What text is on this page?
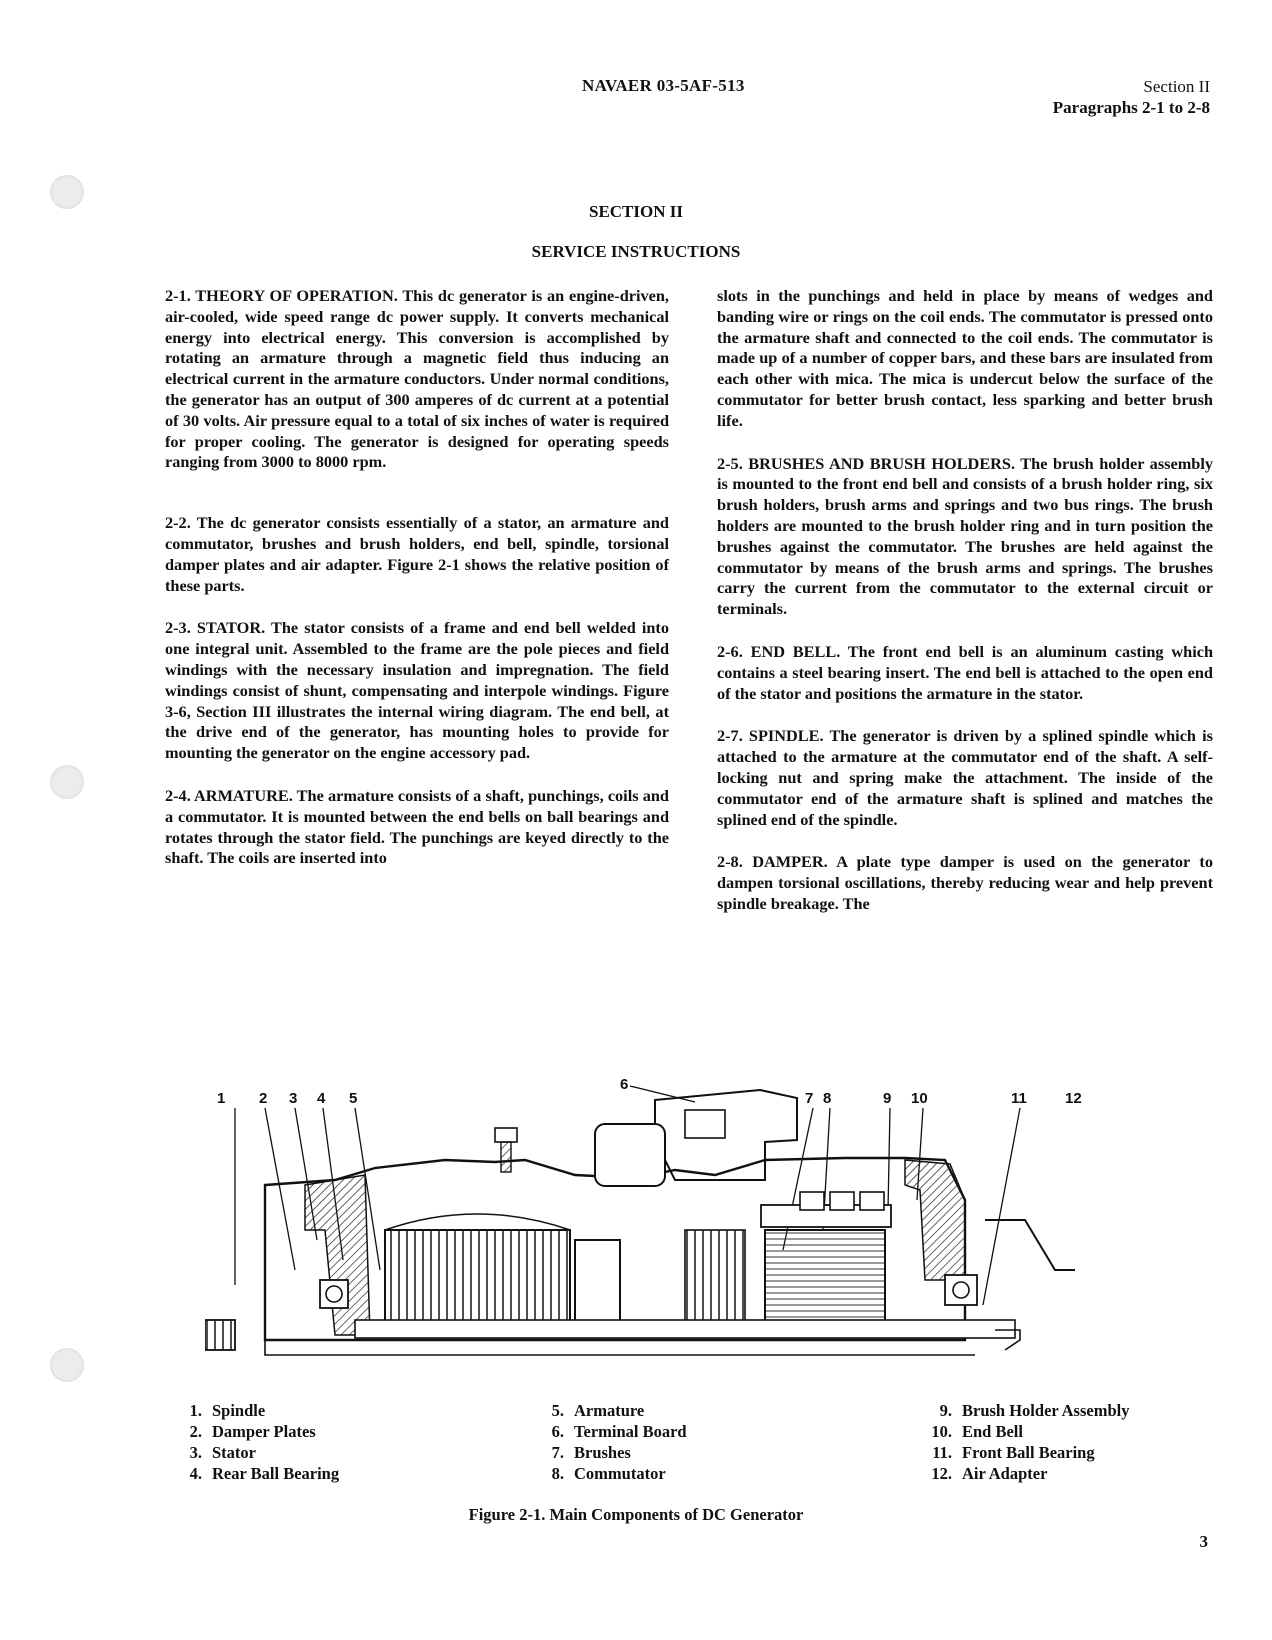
NAVAER 03-5AF-513	Section II
Paragraphs 2-1 to 2-8
SECTION II
SERVICE INSTRUCTIONS

2-1. THEORY OF OPERATION. This dc generator is an engine-driven, air-cooled, wide speed range dc power supply. It converts mechanical energy into electrical energy. This conversion is accomplished by rotating an armature through a magnetic field thus inducing an electrical current in the armature conductors. Under normal conditions, the generator has an output of 300 amperes of dc current at a potential of 30 volts. Air pressure equal to a total of six inches of water is required for proper cooling. The generator is designed for operating speeds ranging from 3000 to 8000 rpm.

2-2. The dc generator consists essentially of a stator, an armature and commutator, brushes and brush holders, end bell, spindle, torsional damper plates and air adapter. Figure 2-1 shows the relative position of these parts.

2-3. STATOR. The stator consists of a frame and end bell welded into one integral unit. Assembled to the frame are the pole pieces and field windings with the necessary insulation and impregnation. The field windings consist of shunt, compensating and interpole windings. Figure 3-6, Section III illustrates the internal wiring diagram. The end bell, at the drive end of the generator, has mounting holes to provide for mounting the generator on the engine accessory pad.

2-4. ARMATURE. The armature consists of a shaft, punchings, coils and a commutator. It is mounted between the end bells on ball bearings and rotates through the stator field. The punchings are keyed directly to the shaft. The coils are inserted into

slots in the punchings and held in place by means of wedges and banding wire or rings on the coil ends. The commutator is pressed onto the armature shaft and connected to the coil ends. The commutator is made up of a number of copper bars, and these bars are insulated from each other with mica. The mica is undercut below the surface of the commutator for better brush contact, less sparking and better brush life.

2-5. BRUSHES AND BRUSH HOLDERS. The brush holder assembly is mounted to the front end bell and consists of a brush holder ring, six brush holders, brush arms and springs and two bus rings. The brush holders are mounted to the brush holder ring and in turn position the brushes against the commutator. The brushes are held against the commutator by means of the brush arms and springs. The brushes carry the current from the commutator to the external circuit or terminals.

2-6. END BELL. The front end bell is an aluminum casting which contains a steel bearing insert. The end bell is attached to the open end of the stator and positions the armature in the stator.

2-7. SPINDLE. The generator is driven by a splined spindle which is attached to the armature at the commutator end of the shaft. A self-locking nut and spring make the attachment. The inside of the commutator end of the armature shaft is splined and matches the splined end of the spindle.

2-8. DAMPER. A plate type damper is used on the generator to dampen torsional oscillations, thereby reducing wear and help prevent spindle breakage. The

1 2 3 4 5
6
7 8	9 10	11	12
1. Spindle
2. Damper Plates
3. Stator
4. Rear Ball Bearing
5. Armature
6. Terminal Board
7. Brushes
8. Commutator
9. Brush Holder Assembly
10. End Bell
11. Front Ball Bearing
12. Air Adapter
Figure 2-1. Main Components of DC Generator
3
